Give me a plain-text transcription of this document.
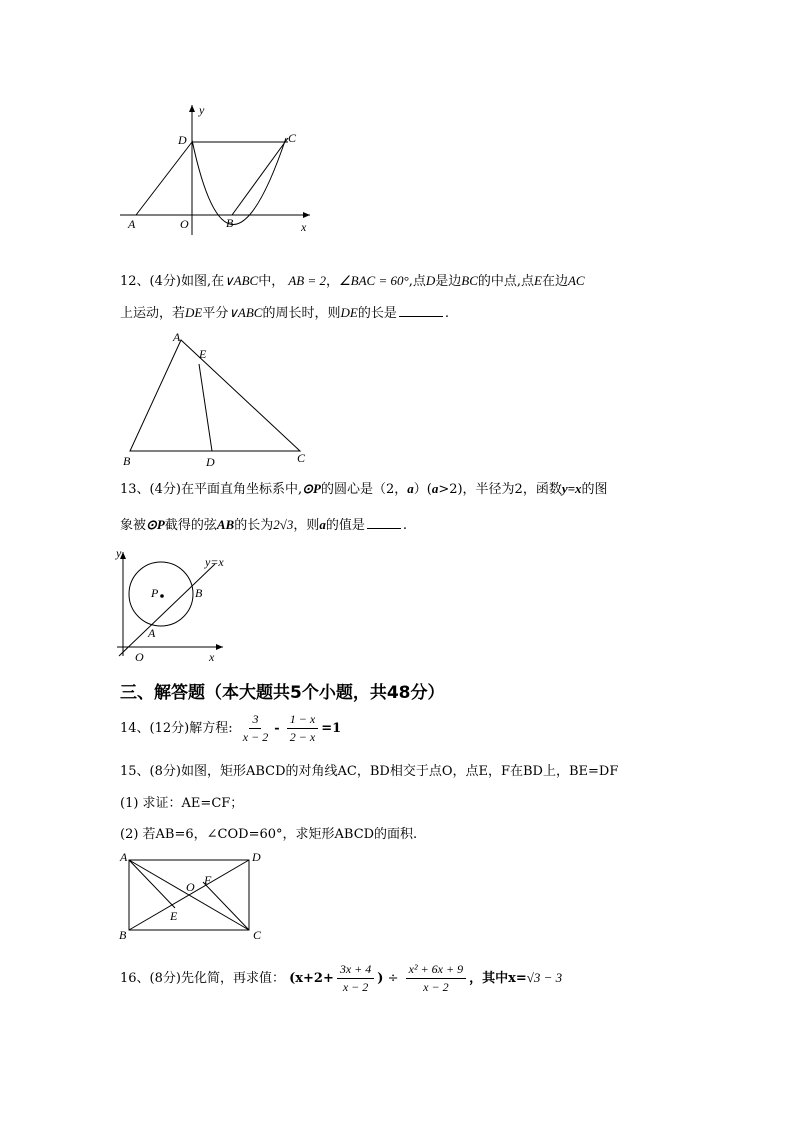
y
D	C
A	O	B	x
12、(4分)如图,在∨ABC中， AB = 2，∠BAC = 60°,点D是边BC的中点,点E在边AC
上运动，若DE平分∨ABC的周长时，则DE的长是	.
A
E
B	D	C
13、(4分)在平面直角坐标系中,⊙P的圆心是（2，a）(a>2)，半径为2，函数y=x的图
象被⊙P截得的弦AB的长为2√3，则a的值是	.
y
y=x
P	B
A
O	x
三、解答题（本大题共5个小题，共48分）
14、(12分)解方程: $\frac{3}{x - 2} - \frac{1 - x}{2 - x} =1$
15、(8分)如图，矩形ABCD的对角线AC，BD相交于点O，点E，F在BD上，BE=DF
(1) 求证：AE=CF；
(2) 若AB=6，∠COD=60°，求矩形ABCD的面积.
A	D
O F
E
B	C
16、(8分)先化简，再求值： ($x+2+ \frac{3x + 4}{x - 2}$ ) ÷ $\frac{\text{x² + 6x + 9}}{x - 2}$ ，其中x=√3 − 3
